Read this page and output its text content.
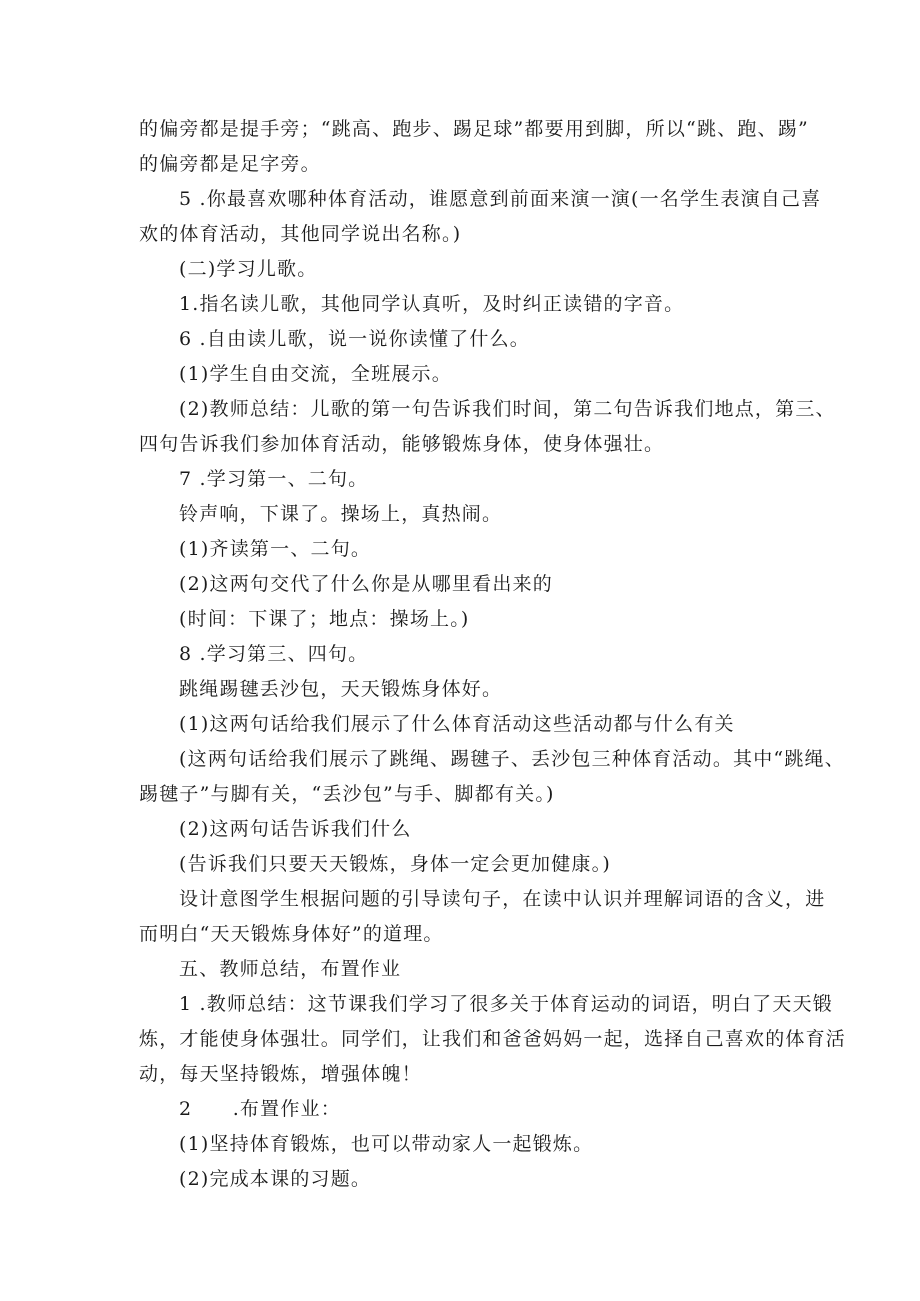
的偏旁都是提手旁；“跳高、跑步、踢足球”都要用到脚，所以“跳、跑、踢”
的偏旁都是足字旁。
5 .你最喜欢哪种体育活动，谁愿意到前面来演一演(一名学生表演自己喜
欢的体育活动，其他同学说出名称。)
(二)学习儿歌。
1.指名读儿歌，其他同学认真听，及时纠正读错的字音。
6 .自由读儿歌，说一说你读懂了什么。
(1)学生自由交流，全班展示。
(2)教师总结：儿歌的第一句告诉我们时间，第二句告诉我们地点，第三、
四句告诉我们参加体育活动，能够锻炼身体，使身体强壮。
7 .学习第一、二句。
铃声响，下课了。操场上，真热闹。
(1)齐读第一、二句。
(2)这两句交代了什么你是从哪里看出来的
(时间：下课了；地点：操场上。)
8 .学习第三、四句。
跳绳踢毽丢沙包，天天锻炼身体好。
(1)这两句话给我们展示了什么体育活动这些活动都与什么有关
(这两句话给我们展示了跳绳、踢毽子、丢沙包三种体育活动。其中“跳绳、
踢毽子”与脚有关，“丢沙包”与手、脚都有关。)
(2)这两句话告诉我们什么
(告诉我们只要天天锻炼，身体一定会更加健康。)
设计意图学生根据问题的引导读句子，在读中认识并理解词语的含义，进
而明白“天天锻炼身体好”的道理。
五、教师总结，布置作业
1 .教师总结：这节课我们学习了很多关于体育运动的词语，明白了天天锻
炼，才能使身体强壮。同学们，让我们和爸爸妈妈一起，选择自己喜欢的体育活
动，每天坚持锻炼，增强体魄！
2　　.布置作业：
(1)坚持体育锻炼，也可以带动家人一起锻炼。
(2)完成本课的习题。
